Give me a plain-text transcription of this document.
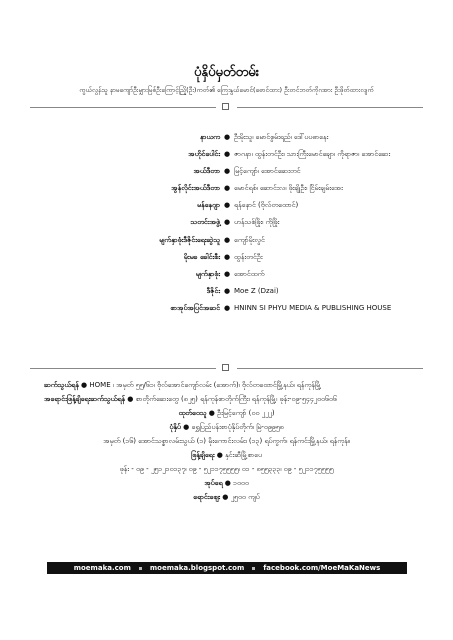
ပုံနှိပ်မှတ်တမ်း
ကွယ်လွန်သူ နာမကျော်ဦးမျှားမြစ်ဦးကြောင့်ညြို(ဦး)ကတ်၏ ကြေးနွယ်မောင်(ဓောင်ထား) ဦးတင်ဘတ်ကိုဂအား ဦးဖိုတ်ထားလျက်
နာယက ● ဦးမိုးသူ၊ မောင်စွမ်းရည်၊ ဒေါ်ပပဓာနေး
အဟိုင်ပေါင်း ● ဇာဂနာ၊ ထွန်းတင်ဦး၊ သားကြီးမောင်ချော၊ ကိုရာဇာ၊ အောင်ဆေး
အယ်ဒီတာ ● မြင့်ကျော်၊ အောင်ဆေးတင်
အွန်လိုင်းအယ်ဒီတာ ● မောင်ရစ်၊ ဆောင်းလ၊ ဖိုးချိုဦး၊ ငြိမ်းချမ်းအေး
မန်နေဂျာ ● ရန်နောင် (ဗိုလ်တထောင်)
သတင်းအဖွဲ့ ● ဟန်သစ်ဖြိုး၊ ကိုဖြိုး
မျက်နှာဖုံးဒီဇိုင်းရေးဆွဲသူ ● ကျော်မိုးလွင်
မိုးမခ ခေါင်းစီး ● ထွန်းတင်ဦး
မျက်နှာဖုံး ● အောင်ထက်
ဒီဇိုင်း ● Moe Z (Dzai)
စာအုပ်အပြင်အဆင် ● HNINN SI PHYU MEDIA & PUBLISHING HOUSE
ဆက်သွယ်ရန် ● HOME ၊ အမှတ် ၅၅/၆၁၊ ဗိုလ်အောင်ကျော်လမ်း (အောက်)၊ ဗိုလ်တထောင်မြို့နယ်၊ ရန်ကုန်မြို့
အရောင်းဖြန့်ချိရေးဆက်သွယ်ရန် ● စာတိုက်ဆေးတွေ (၈၂၅) ရန်ကုန်စာတိုက်ကြီး၊ ရန်ကုန်မြို့၊ ဖုန်း-၀၉-၅၄၄၂၀၀၆၀၆
ထုတ်ဝေသူ ● ဦးမြင့်ကျော် (၀၀ ၂၂၂)
ပုံနှိပ် ● ရွှေပြည်ပန်းစာပုံနှိပ်တိုက်၊ မြဲ-၀၉၉၅၈
အမှတ် (၁၆) အောင်သစ္စာလမ်းသွယ် (၁) မိုးကောင်းလမ်း၊ (၁၃) ရပ်ကွက်၊ ရန်ကင်းမြို့နယ်၊ ရန်ကုန်။
ဖြန့်ချိရေး ● နှင်းဆီမြို့စာပေ
ဖုန်း - ၀၉ - ၂၅၁၂၁၀၁၃၇၊ ၀၉ - ၅၂၁၁၇၅၅၅၅၊ ၀၁ - ၈၅၅၃၃၃၊ ၀၉ - ၅၂၁၁၇၅၅၅၅
အုပ်ရေ ● ၁၀၀၀
ရောင်းဈေး ● ၂၅၀၀ ကျပ်
moemaka.com	moemaka.blogspot.com	facebook.com/MoeMaKaNews
